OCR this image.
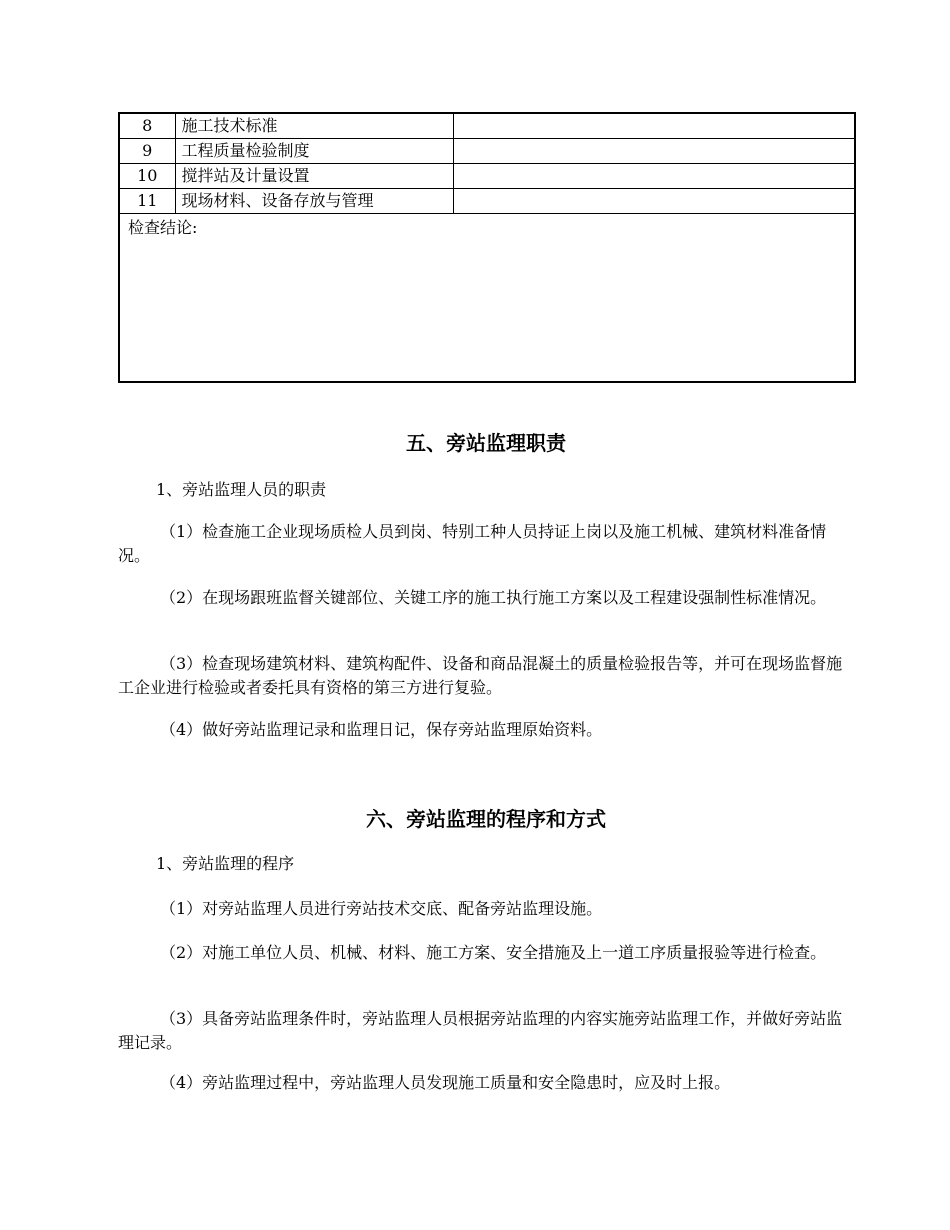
8	施工技术标准	
9	工程质量检验制度	
10	搅拌站及计量设置	
11	现场材料、设备存放与管理	
检查结论:		
五、旁站监理职责

1、旁站监理人员的职责

（1）检查施工企业现场质检人员到岗、特别工种人员持证上岗以及施工机械、建筑材料准备情况。

（2）在现场跟班监督关键部位、关键工序的施工执行施工方案以及工程建设强制性标准情况。

（3）检查现场建筑材料、建筑构配件、设备和商品混凝土的质量检验报告等，并可在现场监督施工企业进行检验或者委托具有资格的第三方进行复验。

（4）做好旁站监理记录和监理日记，保存旁站监理原始资料。

六、旁站监理的程序和方式

1、旁站监理的程序

（1）对旁站监理人员进行旁站技术交底、配备旁站监理设施。

（2）对施工单位人员、机械、材料、施工方案、安全措施及上一道工序质量报验等进行检查。

（3）具备旁站监理条件时，旁站监理人员根据旁站监理的内容实施旁站监理工作，并做好旁站监理记录。

（4）旁站监理过程中，旁站监理人员发现施工质量和安全隐患时，应及时上报。
